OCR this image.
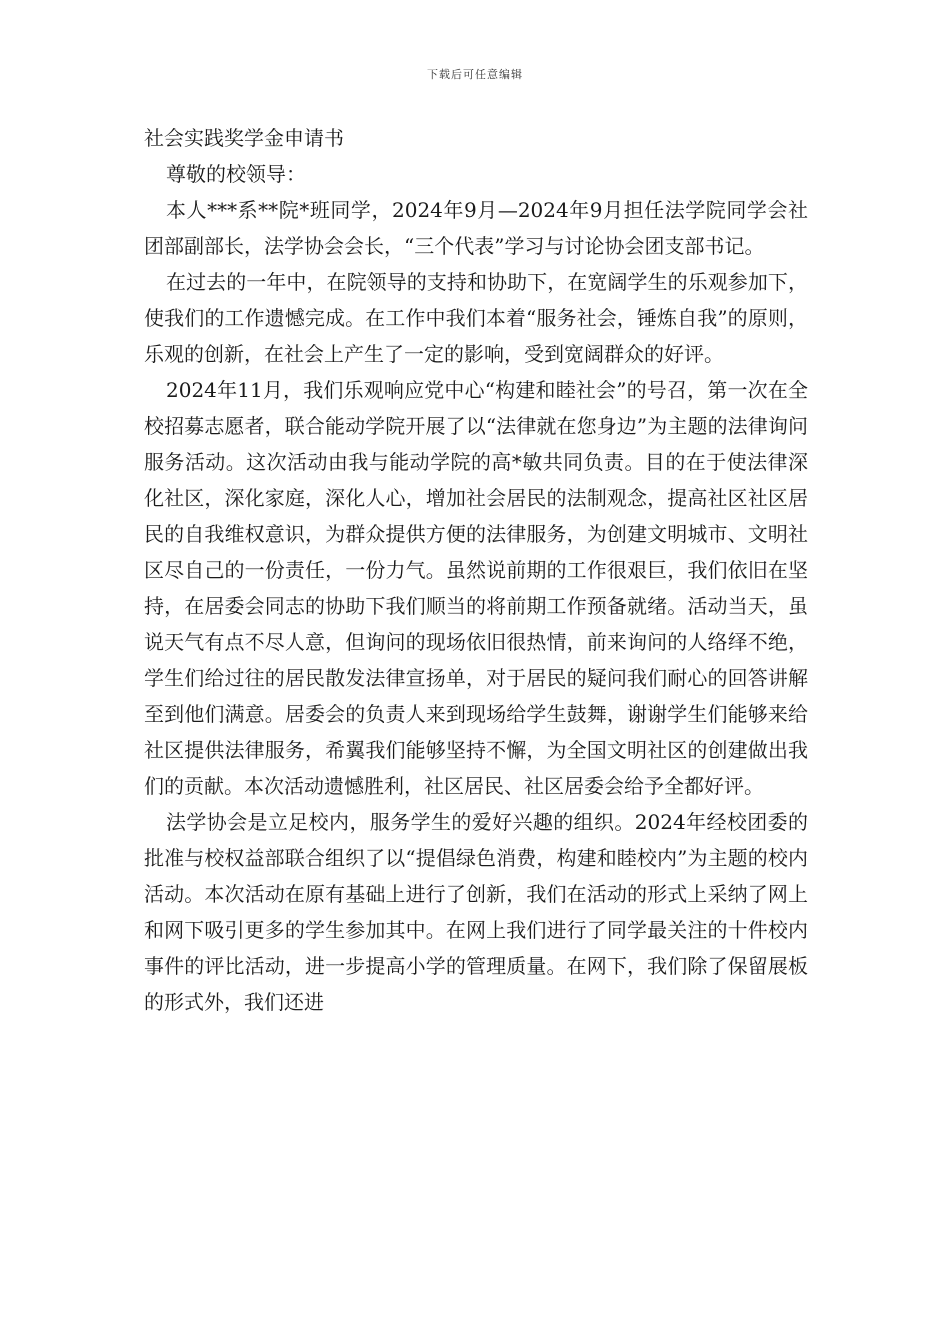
下载后可任意编辑

社会实践奖学金申请书

尊敬的校领导：

本人***系**院*班同学，2024年9月—2024年9月担任法学院同学会社团部副部长，法学协会会长，“三个代表”学习与讨论协会团支部书记。

在过去的一年中，在院领导的支持和协助下，在宽阔学生的乐观参加下，使我们的工作遗憾完成。在工作中我们本着“服务社会，锤炼自我”的原则，乐观的创新，在社会上产生了一定的影响，受到宽阔群众的好评。

2024年11月，我们乐观响应党中心“构建和睦社会”的号召，第一次在全校招募志愿者，联合能动学院开展了以“法律就在您身边”为主题的法律询问服务活动。这次活动由我与能动学院的高*敏共同负责。目的在于使法律深化社区，深化家庭，深化人心，增加社会居民的法制观念，提高社区社区居民的自我维权意识，为群众提供方便的法律服务，为创建文明城市、文明社区尽自己的一份责任，一份力气。虽然说前期的工作很艰巨，我们依旧在坚持，在居委会同志的协助下我们顺当的将前期工作预备就绪。活动当天，虽说天气有点不尽人意，但询问的现场依旧很热情，前来询问的人络绎不绝，学生们给过往的居民散发法律宣扬单，对于居民的疑问我们耐心的回答讲解至到他们满意。居委会的负责人来到现场给学生鼓舞，谢谢学生们能够来给社区提供法律服务，希翼我们能够坚持不懈，为全国文明社区的创建做出我们的贡献。本次活动遗憾胜利，社区居民、社区居委会给予全都好评。

法学协会是立足校内，服务学生的爱好兴趣的组织。2024年经校团委的批准与校权益部联合组织了以“提倡绿色消费，构建和睦校内”为主题的校内活动。本次活动在原有基础上进行了创新，我们在活动的形式上采纳了网上和网下吸引更多的学生参加其中。在网上我们进行了同学最关注的十件校内事件的评比活动，进一步提高小学的管理质量。在网下，我们除了保留展板的形式外，我们还进
